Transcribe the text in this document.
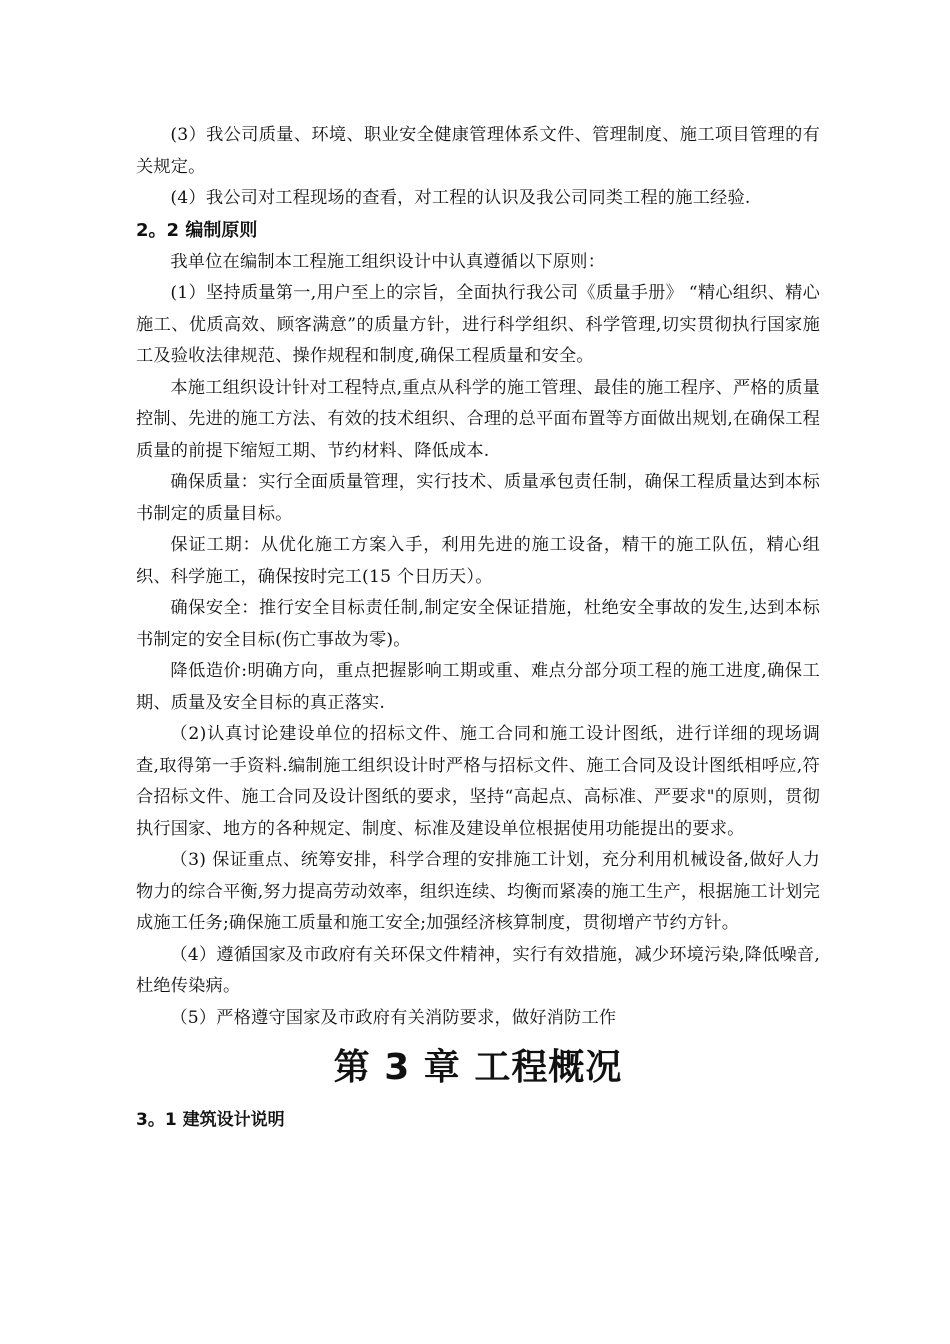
(3）我公司质量、环境、职业安全健康管理体系文件、管理制度、施工项目管理的有关规定。

(4）我公司对工程现场的查看，对工程的认识及我公司同类工程的施工经验.

2。2 编制原则

我单位在编制本工程施工组织设计中认真遵循以下原则：

(1）坚持质量第一,用户至上的宗旨，全面执行我公司《质量手册》 “精心组织、精心施工、优质高效、顾客满意”的质量方针，进行科学组织、科学管理,切实贯彻执行国家施工及验收法律规范、操作规程和制度,确保工程质量和安全。

本施工组织设计针对工程特点,重点从科学的施工管理、最佳的施工程序、严格的质量控制、先进的施工方法、有效的技术组织、合理的总平面布置等方面做出规划,在确保工程质量的前提下缩短工期、节约材料、降低成本.

确保质量：实行全面质量管理，实行技术、质量承包责任制，确保工程质量达到本标书制定的质量目标。

保证工期：从优化施工方案入手，利用先进的施工设备，精干的施工队伍，精心组织、科学施工，确保按时完工(15 个日历天）。

确保安全：推行安全目标责任制,制定安全保证措施，杜绝安全事故的发生,达到本标书制定的安全目标(伤亡事故为零)。

降低造价:明确方向，重点把握影响工期或重、难点分部分项工程的施工进度,确保工期、质量及安全目标的真正落实.

（2)认真讨论建设单位的招标文件、施工合同和施工设计图纸，进行详细的现场调查,取得第一手资料.编制施工组织设计时严格与招标文件、施工合同及设计图纸相呼应,符合招标文件、施工合同及设计图纸的要求，坚持“高起点、高标准、严要求"的原则，贯彻执行国家、地方的各种规定、制度、标准及建设单位根据使用功能提出的要求。

（3) 保证重点、统筹安排，科学合理的安排施工计划，充分利用机械设备,做好人力物力的综合平衡,努力提高劳动效率，组织连续、均衡而紧凑的施工生产，根据施工计划完成施工任务;确保施工质量和施工安全;加强经济核算制度，贯彻增产节约方针。

（4）遵循国家及市政府有关环保文件精神，实行有效措施，减少环境污染,降低噪音,杜绝传染病。

（5）严格遵守国家及市政府有关消防要求，做好消防工作

第 3 章 工程概况
3。1 建筑设计说明
